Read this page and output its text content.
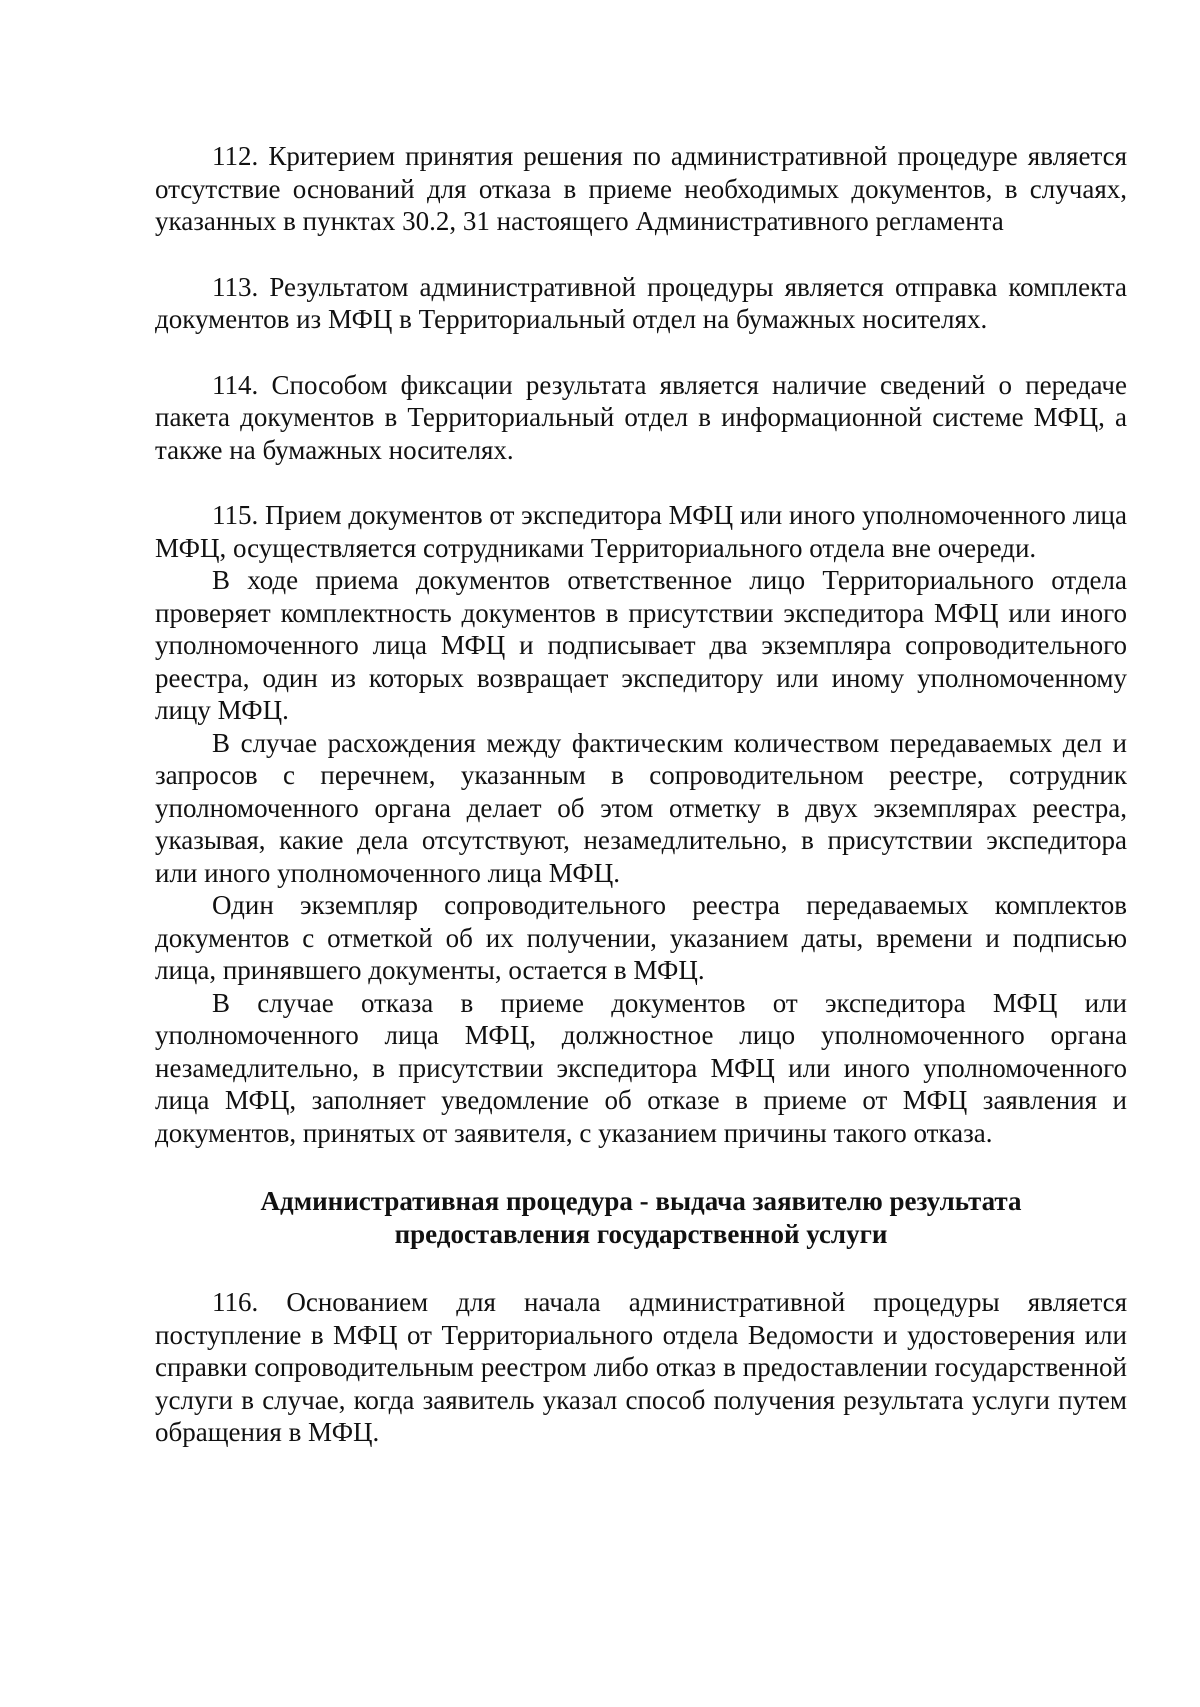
112. Критерием принятия решения по административной процедуре является отсутствие оснований для отказа в приеме необходимых документов, в случаях, указанных в пунктах 30.2, 31 настоящего Административного регламента

113. Результатом административной процедуры является отправка комплекта документов из МФЦ в Территориальный отдел на бумажных носителях.

114. Способом фиксации результата является наличие сведений о передаче пакета документов в Территориальный отдел в информационной системе МФЦ, а также на бумажных носителях.

115. Прием документов от экспедитора МФЦ или иного уполномоченного лица МФЦ, осуществляется сотрудниками Территориального отдела вне очереди.

В ходе приема документов ответственное лицо Территориального отдела проверяет комплектность документов в присутствии экспедитора МФЦ или иного уполномоченного лица МФЦ и подписывает два экземпляра сопроводительного реестра, один из которых возвращает экспедитору или иному уполномоченному лицу МФЦ.

В случае расхождения между фактическим количеством передаваемых дел и запросов с перечнем, указанным в сопроводительном реестре, сотрудник уполномоченного органа делает об этом отметку в двух экземплярах реестра, указывая, какие дела отсутствуют, незамедлительно, в присутствии экспедитора или иного уполномоченного лица МФЦ.

Один экземпляр сопроводительного реестра передаваемых комплектов документов с отметкой об их получении, указанием даты, времени и подписью лица, принявшего документы, остается в МФЦ.

В случае отказа в приеме документов от экспедитора МФЦ или уполномоченного лица МФЦ, должностное лицо уполномоченного органа незамедлительно, в присутствии экспедитора МФЦ или иного уполномоченного лица МФЦ, заполняет уведомление об отказе в приеме от МФЦ заявления и документов, принятых от заявителя, с указанием причины такого отказа.

Административная процедура - выдача заявителю результата
предоставления государственной услуги

116. Основанием для начала административной процедуры является поступление в МФЦ от Территориального отдела Ведомости и удостоверения или справки сопроводительным реестром либо отказ в предоставлении государственной услуги в случае, когда заявитель указал способ получения результата услуги путем обращения в МФЦ.
